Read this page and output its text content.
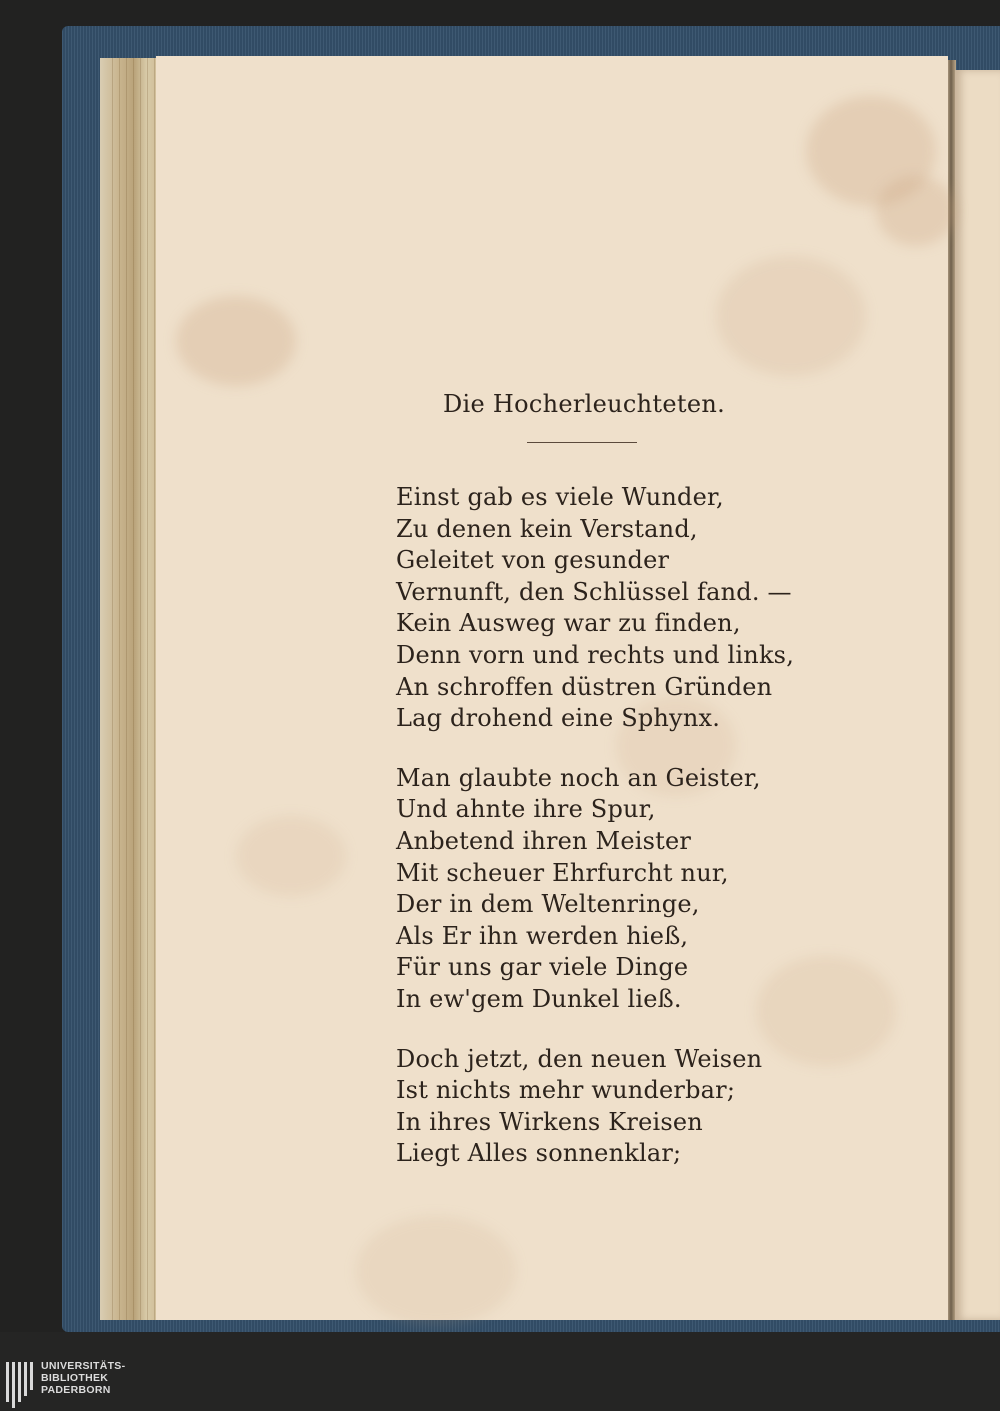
Die Hocherleuchteten.
Einst gab es viele Wunder,
Zu denen kein Verstand,
Geleitet von gesunder
Vernunft, den Schlüssel fand. —
Kein Ausweg war zu finden,
Denn vorn und rechts und links,
An schroffen düstren Gründen
Lag drohend eine Sphynx.
Man glaubte noch an Geister,
Und ahnte ihre Spur,
Anbetend ihren Meister
Mit scheuer Ehrfurcht nur,
Der in dem Weltenringe,
Als Er ihn werden hieß,
Für uns gar viele Dinge
In ew'gem Dunkel ließ.
Doch jetzt, den neuen Weisen
Ist nichts mehr wunderbar;
In ihres Wirkens Kreisen
Liegt Alles sonnenklar;
UNIVERSITÄTS-
BIBLIOTHEK
PADERBORN
